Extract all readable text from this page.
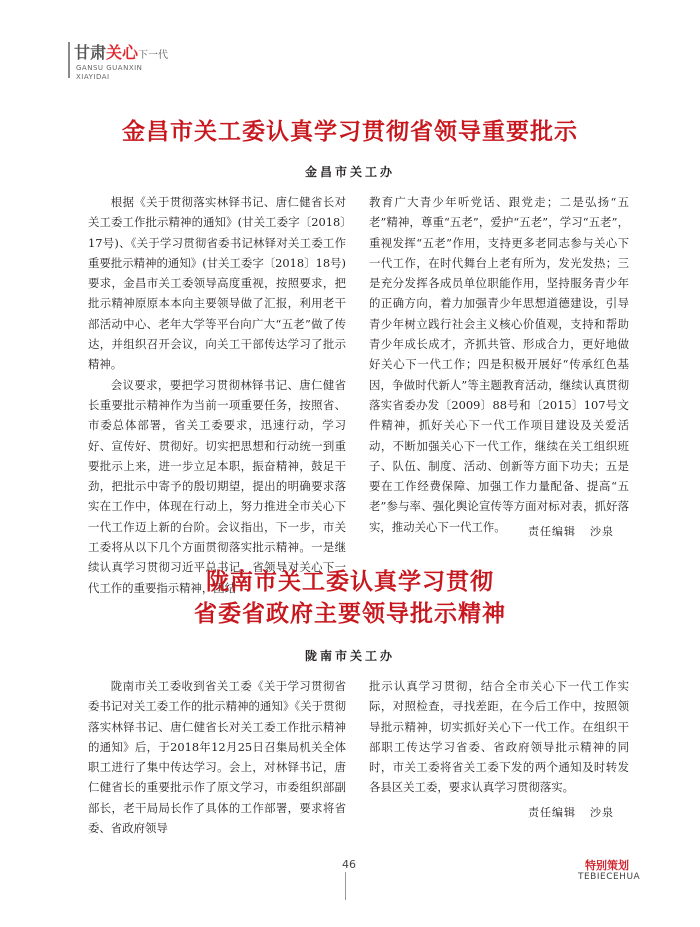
甘肃关心下一代
GANSU GUANXIN
XIAYIDAI
金昌市关工委认真学习贯彻省领导重要批示
金昌市关工办

根据《关于贯彻落实林铎书记、唐仁健省长对关工委工作批示精神的通知》(甘关工委字〔2018〕17号)、《关于学习贯彻省委书记林铎对关工委工作重要批示精神的通知》(甘关工委字〔2018〕18号)要求，金昌市关工委领导高度重视，按照要求，把批示精神原原本本向主要领导做了汇报，利用老干部活动中心、老年大学等平台向广大“五老”做了传达，并组织召开会议，向关工干部传达学习了批示精神。

会议要求，要把学习贯彻林铎书记、唐仁健省长重要批示精神作为当前一项重要任务，按照省、市委总体部署，省关工委要求，迅速行动，学习好、宣传好、贯彻好。切实把思想和行动统一到重要批示上来，进一步立足本职，振奋精神，鼓足干劲，把批示中寄予的殷切期望，提出的明确要求落实在工作中，体现在行动上，努力推进全市关心下一代工作迈上新的台阶。会议指出，下一步，市关工委将从以下几个方面贯彻落实批示精神。一是继续认真学习贯彻习近平总书记、省领导对关心下一代工作的重要指示精神，团结

教育广大青少年听党话、跟党走；二是弘扬“五老”精神，尊重“五老”，爱护“五老”，学习“五老”，重视发挥“五老”作用，支持更多老同志参与关心下一代工作，在时代舞台上老有所为，发光发热；三是充分发挥各成员单位职能作用，坚持服务青少年的正确方向，着力加强青少年思想道德建设，引导青少年树立践行社会主义核心价值观，支持和帮助青少年成长成才，齐抓共管、形成合力，更好地做好关心下一代工作；四是积极开展好“传承红色基因，争做时代新人”等主题教育活动，继续认真贯彻落实省委办发〔2009〕88号和〔2015〕107号文件精神，抓好关心下一代工作项目建设及关爱活动，不断加强关心下一代工作，继续在关工组织班子、队伍、制度、活动、创新等方面下功夫；五是要在工作经费保障、加强工作力量配备、提高“五老”参与率、强化舆论宣传等方面对标对表，抓好落实，推动关心下一代工作。	责任编辑 沙泉
陇南市关工委认真学习贯彻
省委省政府主要领导批示精神
陇南市关工办

陇南市关工委收到省关工委《关于学习贯彻省委书记对关工委工作的批示精神的通知》《关于贯彻落实林铎书记、唐仁健省长对关工委工作批示精神的通知》后，于2018年12月25日召集局机关全体职工进行了集中传达学习。会上，对林铎书记，唐仁健省长的重要批示作了原文学习，市委组织部副部长，老干局局长作了具体的工作部署，要求将省委、省政府领导

批示认真学习贯彻，结合全市关心下一代工作实际，对照检查，寻找差距，在今后工作中，按照领导批示精神，切实抓好关心下一代工作。在组织干部职工传达学习省委、省政府领导批示精神的同时，市关工委将省关工委下发的两个通知及时转发各县区关工委，要求认真学习贯彻落实。

责任编辑 沙泉
46	特别策划
TEBIECEHUA
